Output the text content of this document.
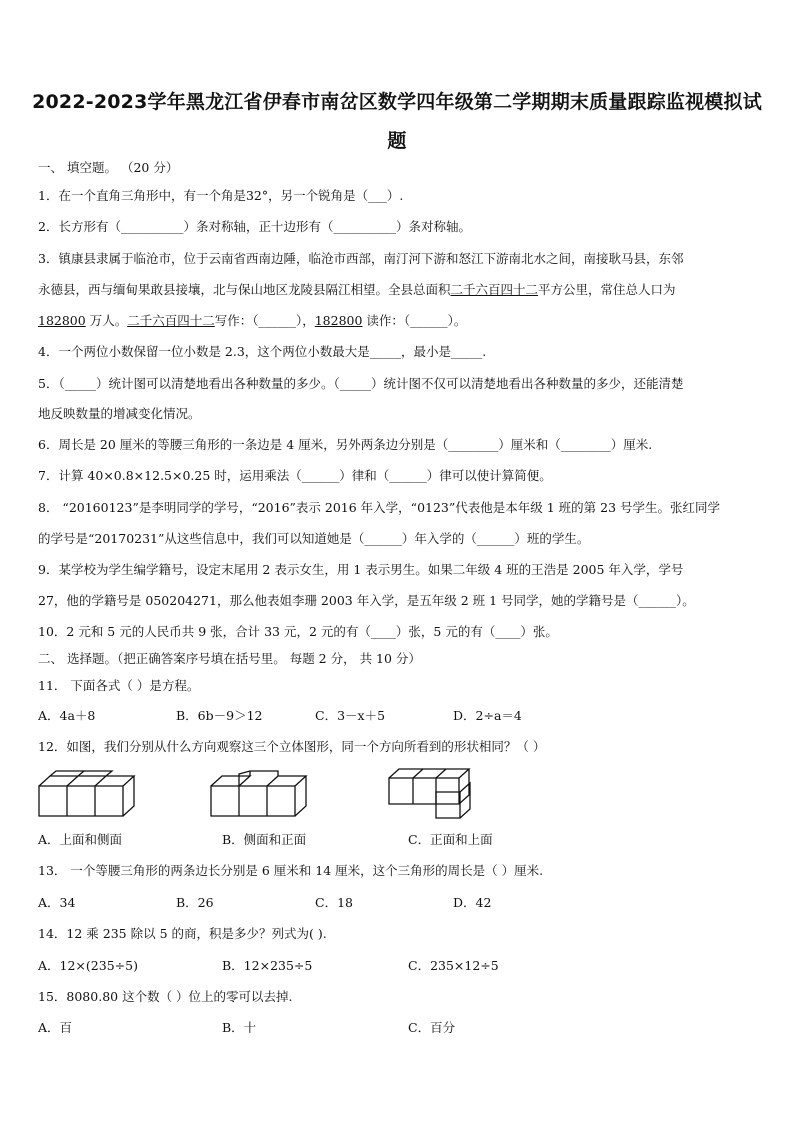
2022-2023学年黑龙江省伊春市南岔区数学四年级第二学期期末质量跟踪监视模拟试
题
一、 填空题。 （20 分）
1．在一个直角三角形中，有一个角是32°，另一个锐角是（___）.
2．长方形有（__________）条对称轴，正十边形有（__________）条对称轴。
3．镇康县隶属于临沧市，位于云南省西南边陲，临沧市西部，南汀河下游和怒江下游南北水之间，南接耿马县，东邻
永德县，西与缅甸果敢县接壤，北与保山地区龙陵县隔江相望。全县总面积二千六百四十二平方公里，常住总人口为
182800 万人。二千六百四十二写作：（______），182800 读作：（______）。
4．一个两位小数保留一位小数是 2.3，这个两位小数最大是_____，最小是_____.
5．（_____）统计图可以清楚地看出各种数量的多少。（_____）统计图不仅可以清楚地看出各种数量的多少，还能清楚
地反映数量的增减变化情况。
6．周长是 20 厘米的等腰三角形的一条边是 4 厘米，另外两条边分别是（________）厘米和（________）厘米.
7．计算 40×0.8×12.5×0.25 时，运用乘法（______）律和（______）律可以使计算简便。
8． “20160123”是李明同学的学号，“2016”表示 2016 年入学，“0123”代表他是本年级 1 班的第 23 号学生。张红同学
的学号是“20170231”从这些信息中，我们可以知道她是（______）年入学的（______）班的学生。
9．某学校为学生编学籍号，设定末尾用 2 表示女生，用 1 表示男生。如果二年级 4 班的王浩是 2005 年入学，学号
27，他的学籍号是 050204271，那么他表姐李珊 2003 年入学，是五年级 2 班 1 号同学，她的学籍号是（______）。
10．2 元和 5 元的人民币共 9 张，合计 33 元，2 元的有（____）张，5 元的有（____）张。
二、 选择题。（把正确答案序号填在括号里。 每题 2 分， 共 10 分）
11． 下面各式（ ）是方程。
A．4a＋8	B．6b－9＞12	C．3－x＋5	D．2÷a＝4
12．如图，我们分别从什么方向观察这三个立体图形，同一个方向所看到的形状相同？（ ）
A．上面和侧面	B．侧面和正面	C．正面和上面
13． 一个等腰三角形的两条边长分别是 6 厘米和 14 厘米，这个三角形的周长是（ ）厘米.
A．34	B．26	C．18	D．42
14．12 乘 235 除以 5 的商，积是多少？列式为( ).
A．12×(235÷5)	B．12×235÷5	C．235×12÷5
15．8080.80 这个数（ ）位上的零可以去掉.
A．百	B．十	C．百分
